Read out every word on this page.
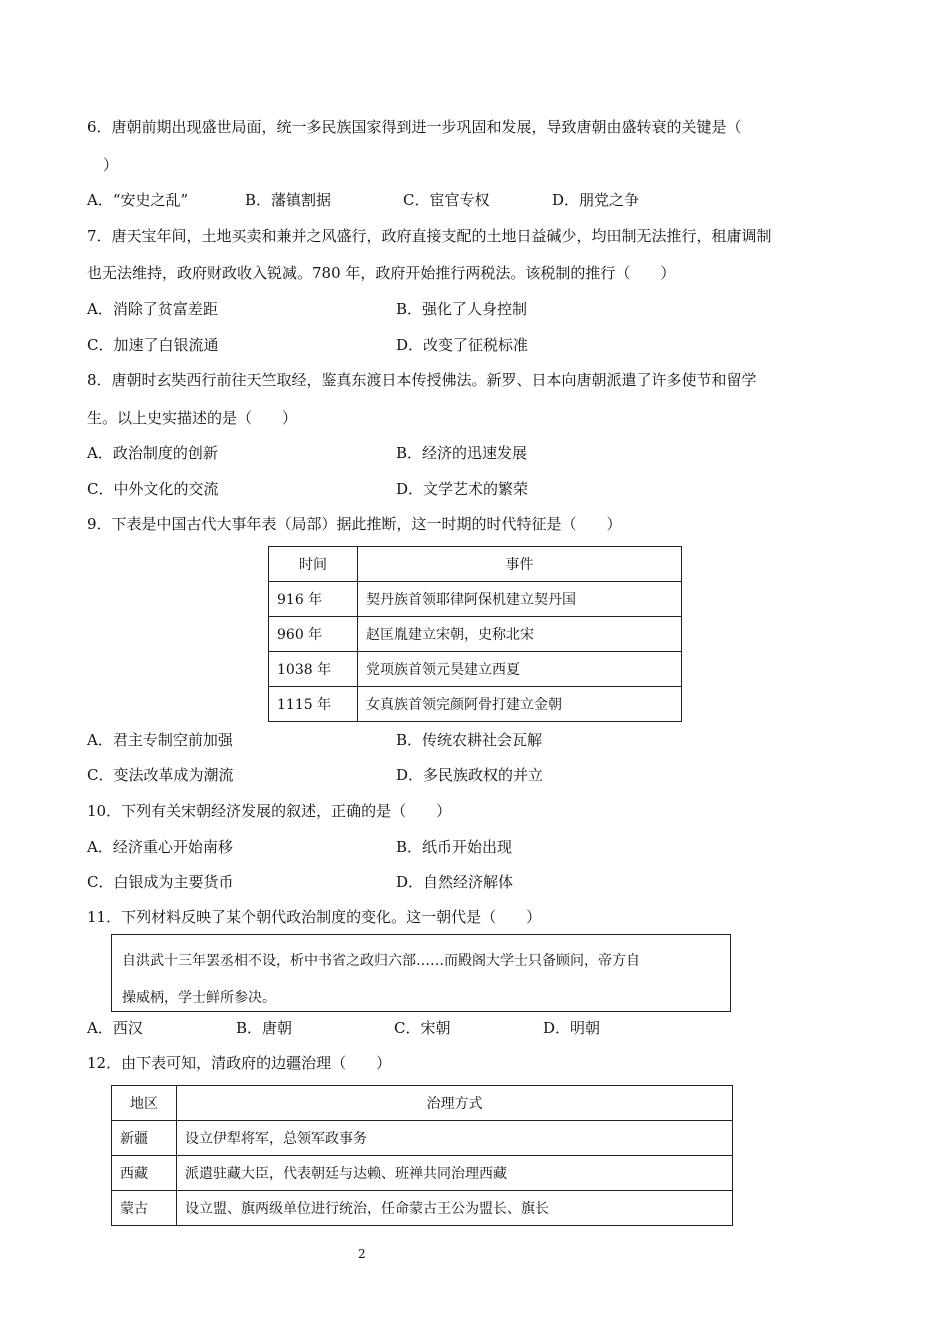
6．唐朝前期出现盛世局面，统一多民族国家得到进一步巩固和发展，导致唐朝由盛转衰的关键是（
）
A．“安史之乱”	B．藩镇割据	C．宦官专权	D．朋党之争
7．唐天宝年间，土地买卖和兼并之风盛行，政府直接支配的土地日益碱少，均田制无法推行，租庸调制
也无法维持，政府财政收入锐减。780 年，政府开始推行两税法。该税制的推行（　　）
A．消除了贫富差距	B．强化了人身控制
C．加速了白银流通	D．改变了征税标准
8．唐朝时玄奘西行前往天竺取经，鉴真东渡日本传授佛法。新罗、日本向唐朝派遣了许多使节和留学
生。以上史实描述的是（　　）
A．政治制度的创新	B．经济的迅速发展
C．中外文化的交流	D．文学艺术的繁荣
9．下表是中国古代大事年表（局部）据此推断，这一时期的时代特征是（　　）
时间	事件
916 年	契丹族首领耶律阿保机建立契丹国
960 年	赵匡胤建立宋朝，史称北宋
1038 年	党项族首领元昊建立西夏
1115 年	女真族首领完颜阿骨打建立金朝
A．君主专制空前加强	B．传统农耕社会瓦解
C．变法改革成为潮流	D．多民族政权的并立
10．下列有关宋朝经济发展的叙述，正确的是（　　）
A．经济重心开始南移	B．纸币开始出现
C．白银成为主要货币	D．自然经济解体
11．下列材料反映了某个朝代政治制度的变化。这一朝代是（　　）
自洪武十三年罢丞相不设，析中书省之政归六部……而殿阁大学士只备顾问，帝方自
操威柄，学士鲜所参决。
A．西汉	B．唐朝	C．宋朝	D．明朝
12．由下表可知，清政府的边疆治理（　　）
地区	治理方式
新疆	设立伊犁将军，总领军政事务
西藏	派遣驻藏大臣，代表朝廷与达赖、班禅共同治理西藏
蒙古	设立盟、旗两级单位进行统治，任命蒙古王公为盟长、旗长
2
